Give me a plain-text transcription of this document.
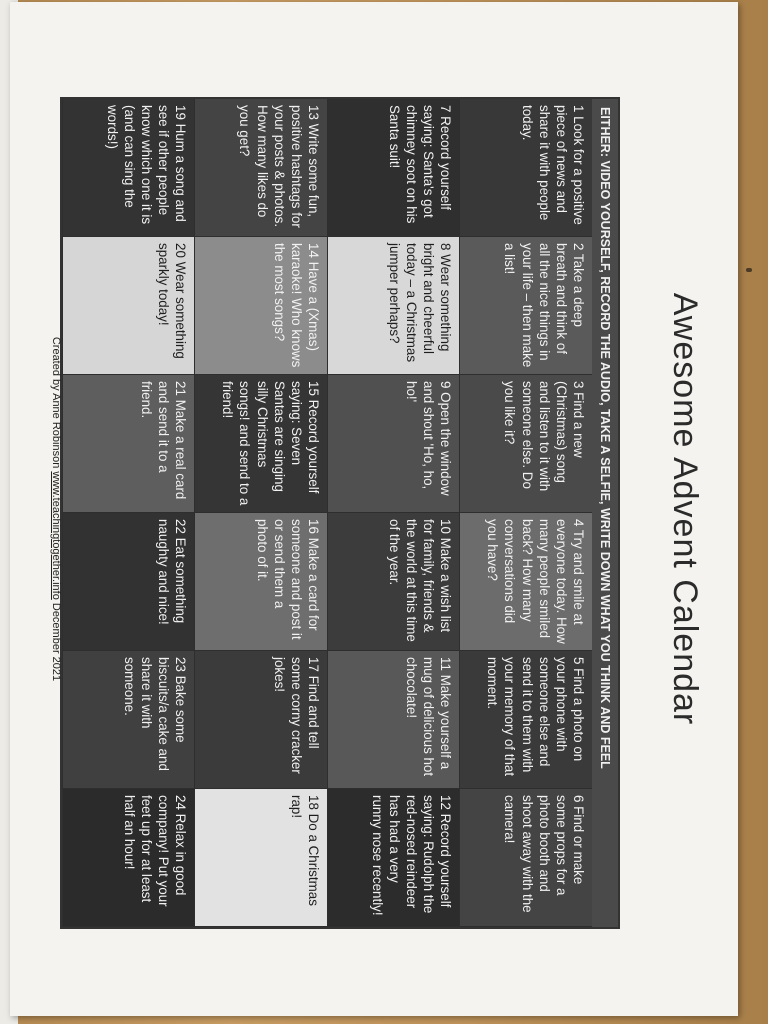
Awesome Advent Calendar
EITHER: VIDEO YOURSELF, RECORD THE AUDIO, TAKE A SELFIE, WRITE DOWN WHAT YOU THINK AND FEEL
1 Look for a positive piece of news and share it with people today.
2 Take a deep breath and think of all the nice things in your life – then make a list!
3 Find a new (Christmas) song and listen to it with someone else. Do you like it?
4 Try and smile at everyone today. How many people smiled back? How many conversations did you have?
5 Find a photo on your phone with someone else and send it to them with your memory of that moment.
6 Find or make some props for a photo booth and shoot away with the camera!
7 Record yourself saying: Santa's got chimney soot on his Santa suit!
8 Wear something bright and cheerful today – a Christmas jumper perhaps?
9 Open the window and shout 'Ho, ho, ho!'
10 Make a wish list for family, friends & the world at this time of the year.
11 Make yourself a mug of delicious hot chocolate!
12 Record yourself saying: Rudolph the red-nosed reindeer has had a very runny nose recently!
13 Write some fun, positive hashtags for your posts & photos. How many likes do you get?
14 Have a (Xmas) karaoke! Who knows the most songs?
15 Record yourself saying: Seven Santas are singing silly Christmas songs! and send to a friend!
16 Make a card for someone and post it or send them a photo of it.
17 Find and tell some corny cracker jokes!
18 Do a Christmas rap!
19 Hum a song and see if other people know which one it is (and can sing the words!)
20 Wear something sparkly today!
21 Make a real card and send it to a friend.
22 Eat something naughty and nice!
23 Bake some biscuits/a cake and share it with someone.
24 Relax in good company! Put your feet up for at least half an hour!
Created by Anne Robinson www.teachingtogether.info December 2021
